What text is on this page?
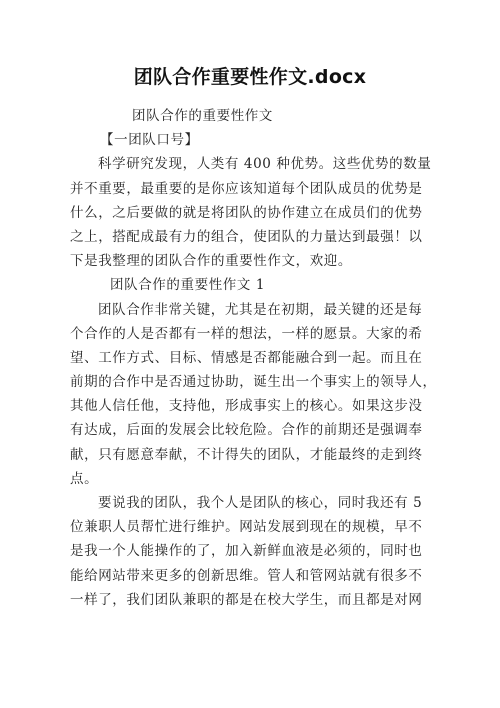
团队合作重要性作文.docx
团队合作的重要性作文
【一团队口号】
科学研究发现，人类有 400 种优势。这些优势的数量
并不重要，最重要的是你应该知道每个团队成员的优势是
什么，之后要做的就是将团队的协作建立在成员们的优势
之上，搭配成最有力的组合，使团队的力量达到最强！以
下是我整理的团队合作的重要性作文，欢迎。
团队合作的重要性作文 1
团队合作非常关键，尤其是在初期，最关键的还是每
个合作的人是否都有一样的想法，一样的愿景。大家的希
望、工作方式、目标、情感是否都能融合到一起。而且在
前期的合作中是否通过协助，诞生出一个事实上的领导人，
其他人信任他，支持他，形成事实上的核心。如果这步没
有达成，后面的发展会比较危险。合作的前期还是强调奉
献，只有愿意奉献，不计得失的团队，才能最终的走到终
点。
要说我的团队，我个人是团队的核心，同时我还有 5
位兼职人员帮忙进行维护。网站发展到现在的规模，早不
是我一个人能操作的了，加入新鲜血液是必须的，同时也
能给网站带来更多的创新思维。管人和管网站就有很多不
一样了，我们团队兼职的都是在校大学生，而且都是对网
